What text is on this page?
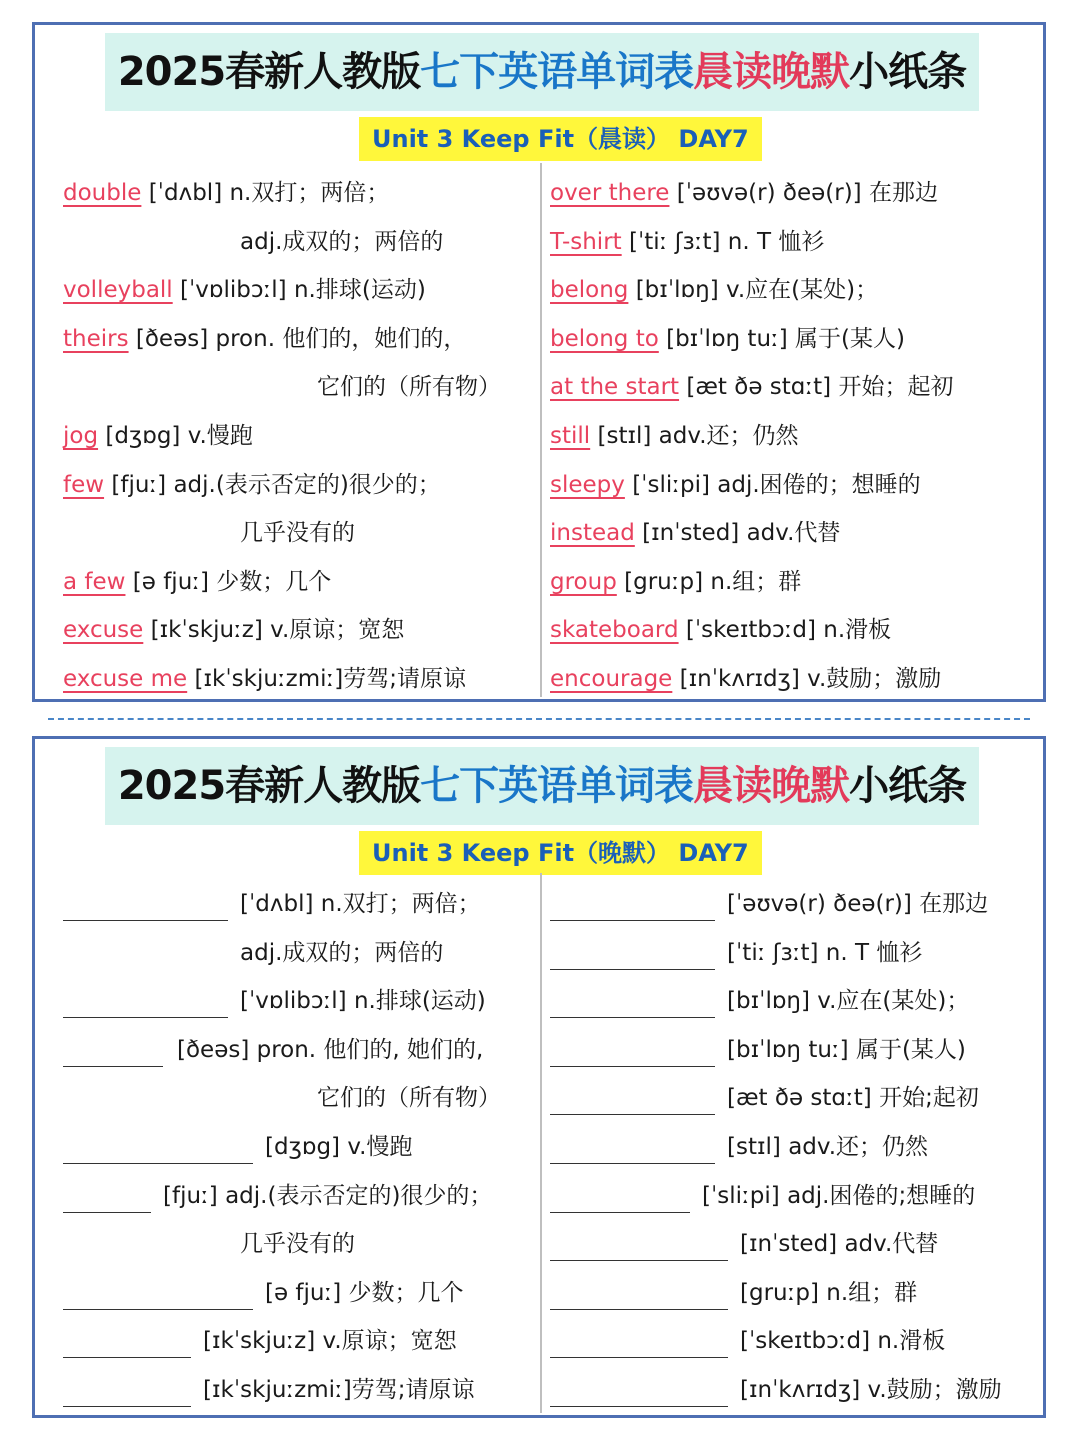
2025春新人教版七下英语单词表晨读晚默小纸条
Unit 3 Keep Fit（晨读） DAY7
double [ˈdʌbl] n.双打；两倍；
adj.成双的；两倍的
volleyball [ˈvɒlibɔːl] n.排球(运动)
theirs [ðeəs] pron. 他们的，她们的，
它们的（所有物）
jog [dʒɒg] v.慢跑
few [fjuː] adj.(表示否定的)很少的；
几乎没有的
a few [ə fjuː] 少数；几个
excuse [ɪkˈskjuːz] v.原谅；宽恕
excuse me [ɪkˈskjuːzmiː]劳驾;请原谅
over there [ˈəʊvə(r) ðeə(r)] 在那边
T-shirt [ˈtiː ʃɜːt] n. T 恤衫
belong [bɪˈlɒŋ] v.应在(某处)；
belong to [bɪˈlɒŋ tuː] 属于(某人)
at the start [æt ðə stɑːt] 开始；起初
still [stɪl] adv.还；仍然
sleepy [ˈsliːpi] adj.困倦的；想睡的
instead [ɪnˈsted] adv.代替
group [gruːp] n.组；群
skateboard [ˈskeɪtbɔːd] n.滑板
encourage [ɪnˈkʌrɪdʒ] v.鼓励；激励
2025春新人教版七下英语单词表晨读晚默小纸条
Unit 3 Keep Fit（晚默） DAY7
[ˈdʌbl] n.双打；两倍；
adj.成双的；两倍的
[ˈvɒlibɔːl] n.排球(运动)
[ðeəs] pron. 他们的, 她们的,
它们的（所有物）
[dʒɒg] v.慢跑
[fjuː] adj.(表示否定的)很少的；
几乎没有的
[ə fjuː] 少数；几个
[ɪkˈskjuːz] v.原谅；宽恕
[ɪkˈskjuːzmiː]劳驾;请原谅
[ˈəʊvə(r) ðeə(r)] 在那边
[ˈtiː ʃɜːt] n. T 恤衫
[bɪˈlɒŋ] v.应在(某处)；
[bɪˈlɒŋ tuː] 属于(某人)
[æt ðə stɑːt] 开始;起初
[stɪl] adv.还；仍然
[ˈsliːpi] adj.困倦的;想睡的
[ɪnˈsted] adv.代替
[gruːp] n.组；群
[ˈskeɪtbɔːd] n.滑板
[ɪnˈkʌrɪdʒ] v.鼓励；激励
